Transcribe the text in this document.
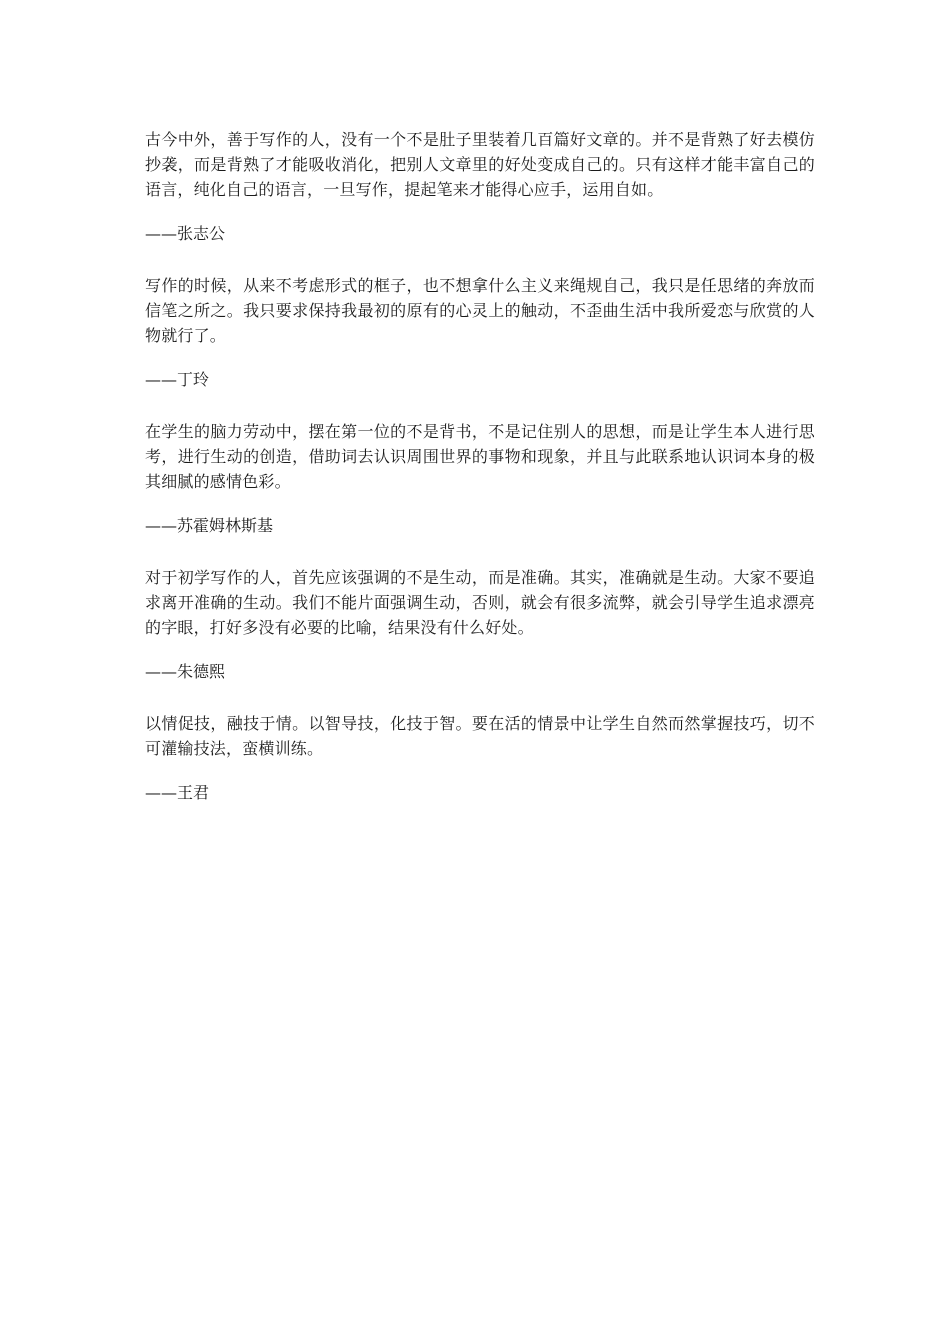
古今中外，善于写作的人，没有一个不是肚子里装着几百篇好文章的。并不是背熟了好去模仿抄袭，而是背熟了才能吸收消化，把别人文章里的好处变成自己的。只有这样才能丰富自己的语言，纯化自己的语言，一旦写作，提起笔来才能得心应手，运用自如。

——张志公

写作的时候，从来不考虑形式的框子，也不想拿什么主义来绳规自己，我只是任思绪的奔放而信笔之所之。我只要求保持我最初的原有的心灵上的触动，不歪曲生活中我所爱恋与欣赏的人物就行了。

——丁玲

在学生的脑力劳动中，摆在第一位的不是背书，不是记住别人的思想，而是让学生本人进行思考，进行生动的创造，借助词去认识周围世界的事物和现象，并且与此联系地认识词本身的极其细腻的感情色彩。

——苏霍姆林斯基

对于初学写作的人，首先应该强调的不是生动，而是准确。其实，准确就是生动。大家不要追求离开准确的生动。我们不能片面强调生动，否则，就会有很多流弊，就会引导学生追求漂亮的字眼，打好多没有必要的比喻，结果没有什么好处。

——朱德熙

以情促技，融技于情。以智导技，化技于智。要在活的情景中让学生自然而然掌握技巧，切不可灌输技法，蛮横训练。

——王君
